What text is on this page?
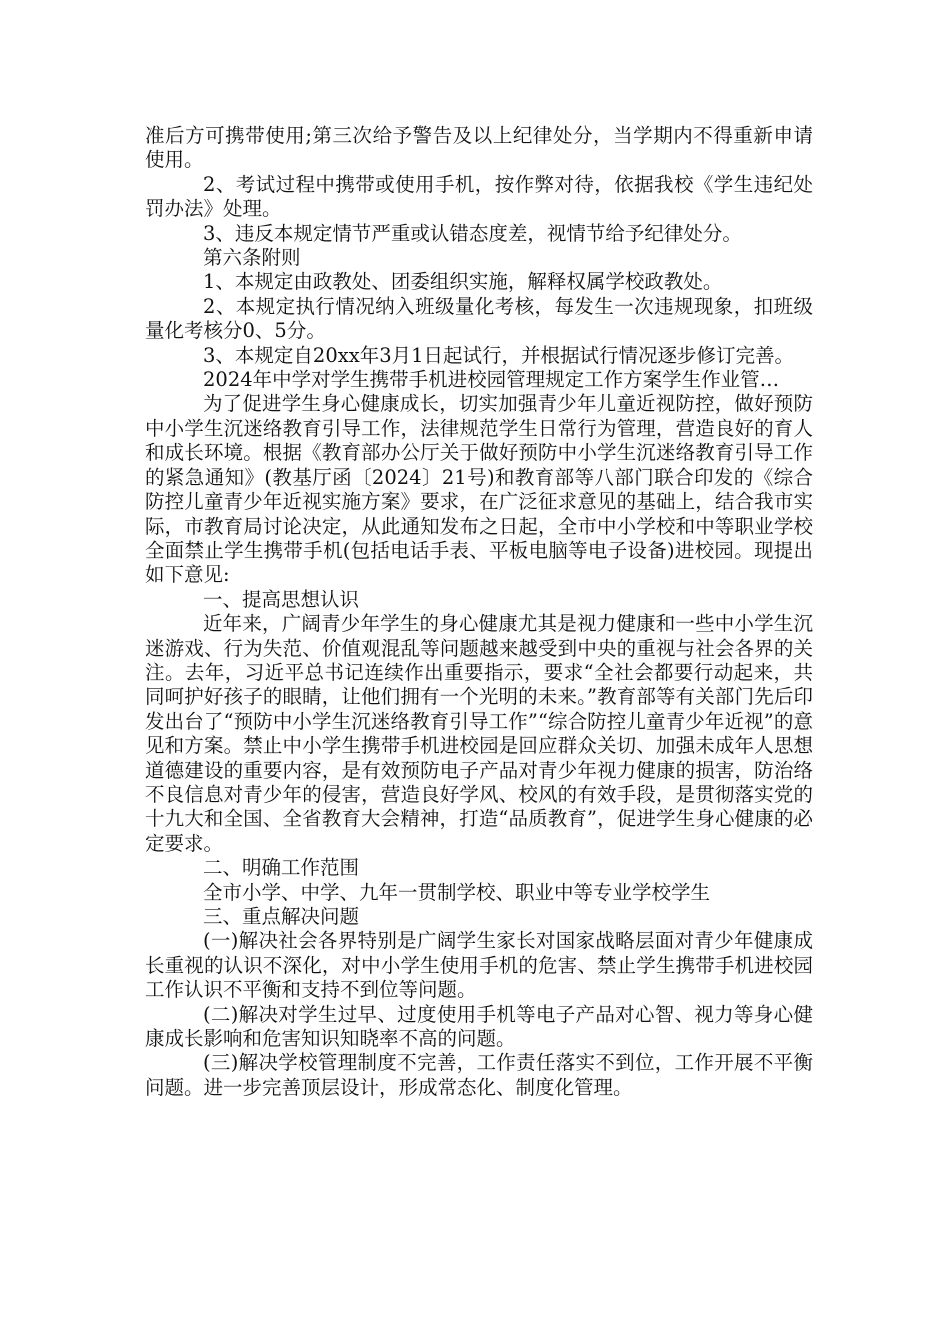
准后方可携带使用;第三次给予警告及以上纪律处分，当学期内不得重新申请使用。

2、考试过程中携带或使用手机，按作弊对待，依据我校《学生违纪处罚办法》处理。

3、违反本规定情节严重或认错态度差，视情节给予纪律处分。

第六条附则

1、本规定由政教处、团委组织实施，解释权属学校政教处。

2、本规定执行情况纳入班级量化考核，每发生一次违规现象，扣班级量化考核分0、5分。

3、本规定自20xx年3月1日起试行，并根据试行情况逐步修订完善。

2024年中学对学生携带手机进校园管理规定工作方案学生作业管…

为了促进学生身心健康成长，切实加强青少年儿童近视防控，做好预防中小学生沉迷络教育引导工作，法律规范学生日常行为管理，营造良好的育人和成长环境。根据《教育部办公厅关于做好预防中小学生沉迷络教育引导工作的紧急通知》(教基厅函〔2024〕21号)和教育部等八部门联合印发的《综合防控儿童青少年近视实施方案》要求，在广泛征求意见的基础上，结合我市实际，市教育局讨论决定，从此通知发布之日起，全市中小学校和中等职业学校全面禁止学生携带手机(包括电话手表、平板电脑等电子设备)进校园。现提出如下意见:

一、提高思想认识

近年来，广阔青少年学生的身心健康尤其是视力健康和一些中小学生沉迷游戏、行为失范、价值观混乱等问题越来越受到中央的重视与社会各界的关注。去年，习近平总书记连续作出重要指示，要求“全社会都要行动起来，共同呵护好孩子的眼睛，让他们拥有一个光明的未来。”教育部等有关部门先后印发出台了“预防中小学生沉迷络教育引导工作”“综合防控儿童青少年近视”的意见和方案。禁止中小学生携带手机进校园是回应群众关切、加强未成年人思想道德建设的重要内容，是有效预防电子产品对青少年视力健康的损害，防治络不良信息对青少年的侵害，营造良好学风、校风的有效手段，是贯彻落实党的十九大和全国、全省教育大会精神，打造“品质教育”，促进学生身心健康的必定要求。

二、明确工作范围

全市小学、中学、九年一贯制学校、职业中等专业学校学生

三、重点解决问题

(一)解决社会各界特别是广阔学生家长对国家战略层面对青少年健康成长重视的认识不深化，对中小学生使用手机的危害、禁止学生携带手机进校园工作认识不平衡和支持不到位等问题。

(二)解决对学生过早、过度使用手机等电子产品对心智、视力等身心健康成长影响和危害知识知晓率不高的问题。

(三)解决学校管理制度不完善，工作责任落实不到位，工作开展不平衡问题。进一步完善顶层设计，形成常态化、制度化管理。
